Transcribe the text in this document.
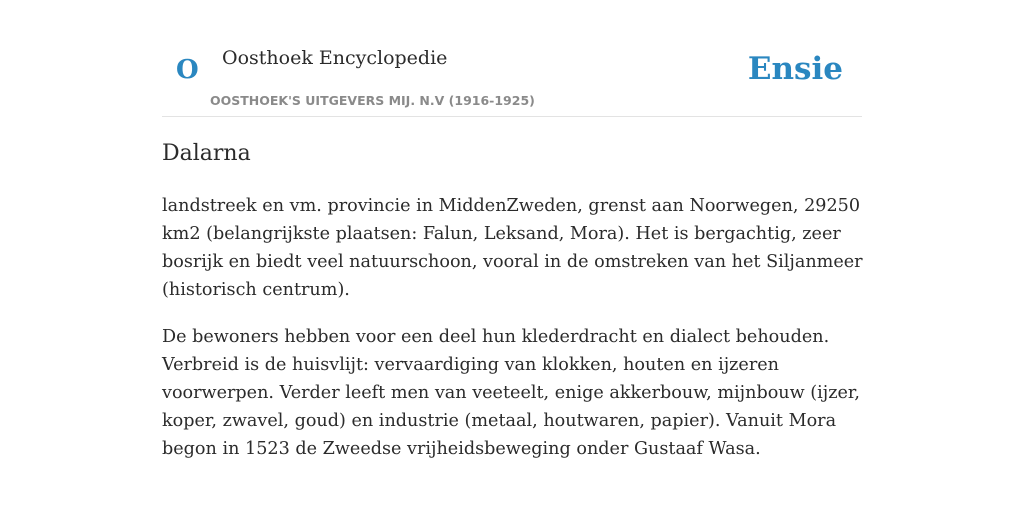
O Oosthoek Encyclopedie
OOSTHOEK'S UITGEVERS MIJ. N.V (1916-1925)
Ensie
Dalarna

landstreek en vm. provincie in MiddenZweden, grenst aan Noorwegen, 29250 km2 (belangrijkste plaatsen: Falun, Leksand, Mora). Het is bergachtig, zeer bosrijk en biedt veel natuurschoon, vooral in de omstreken van het Siljanmeer (historisch centrum).

De bewoners hebben voor een deel hun klederdracht en dialect behouden. Verbreid is de huisvlijt: vervaardiging van klokken, houten en ijzeren voorwerpen. Verder leeft men van veeteelt, enige akkerbouw, mijnbouw (ijzer, koper, zwavel, goud) en industrie (metaal, houtwaren, papier). Vanuit Mora begon in 1523 de Zweedse vrijheidsbeweging onder Gustaaf Wasa.
